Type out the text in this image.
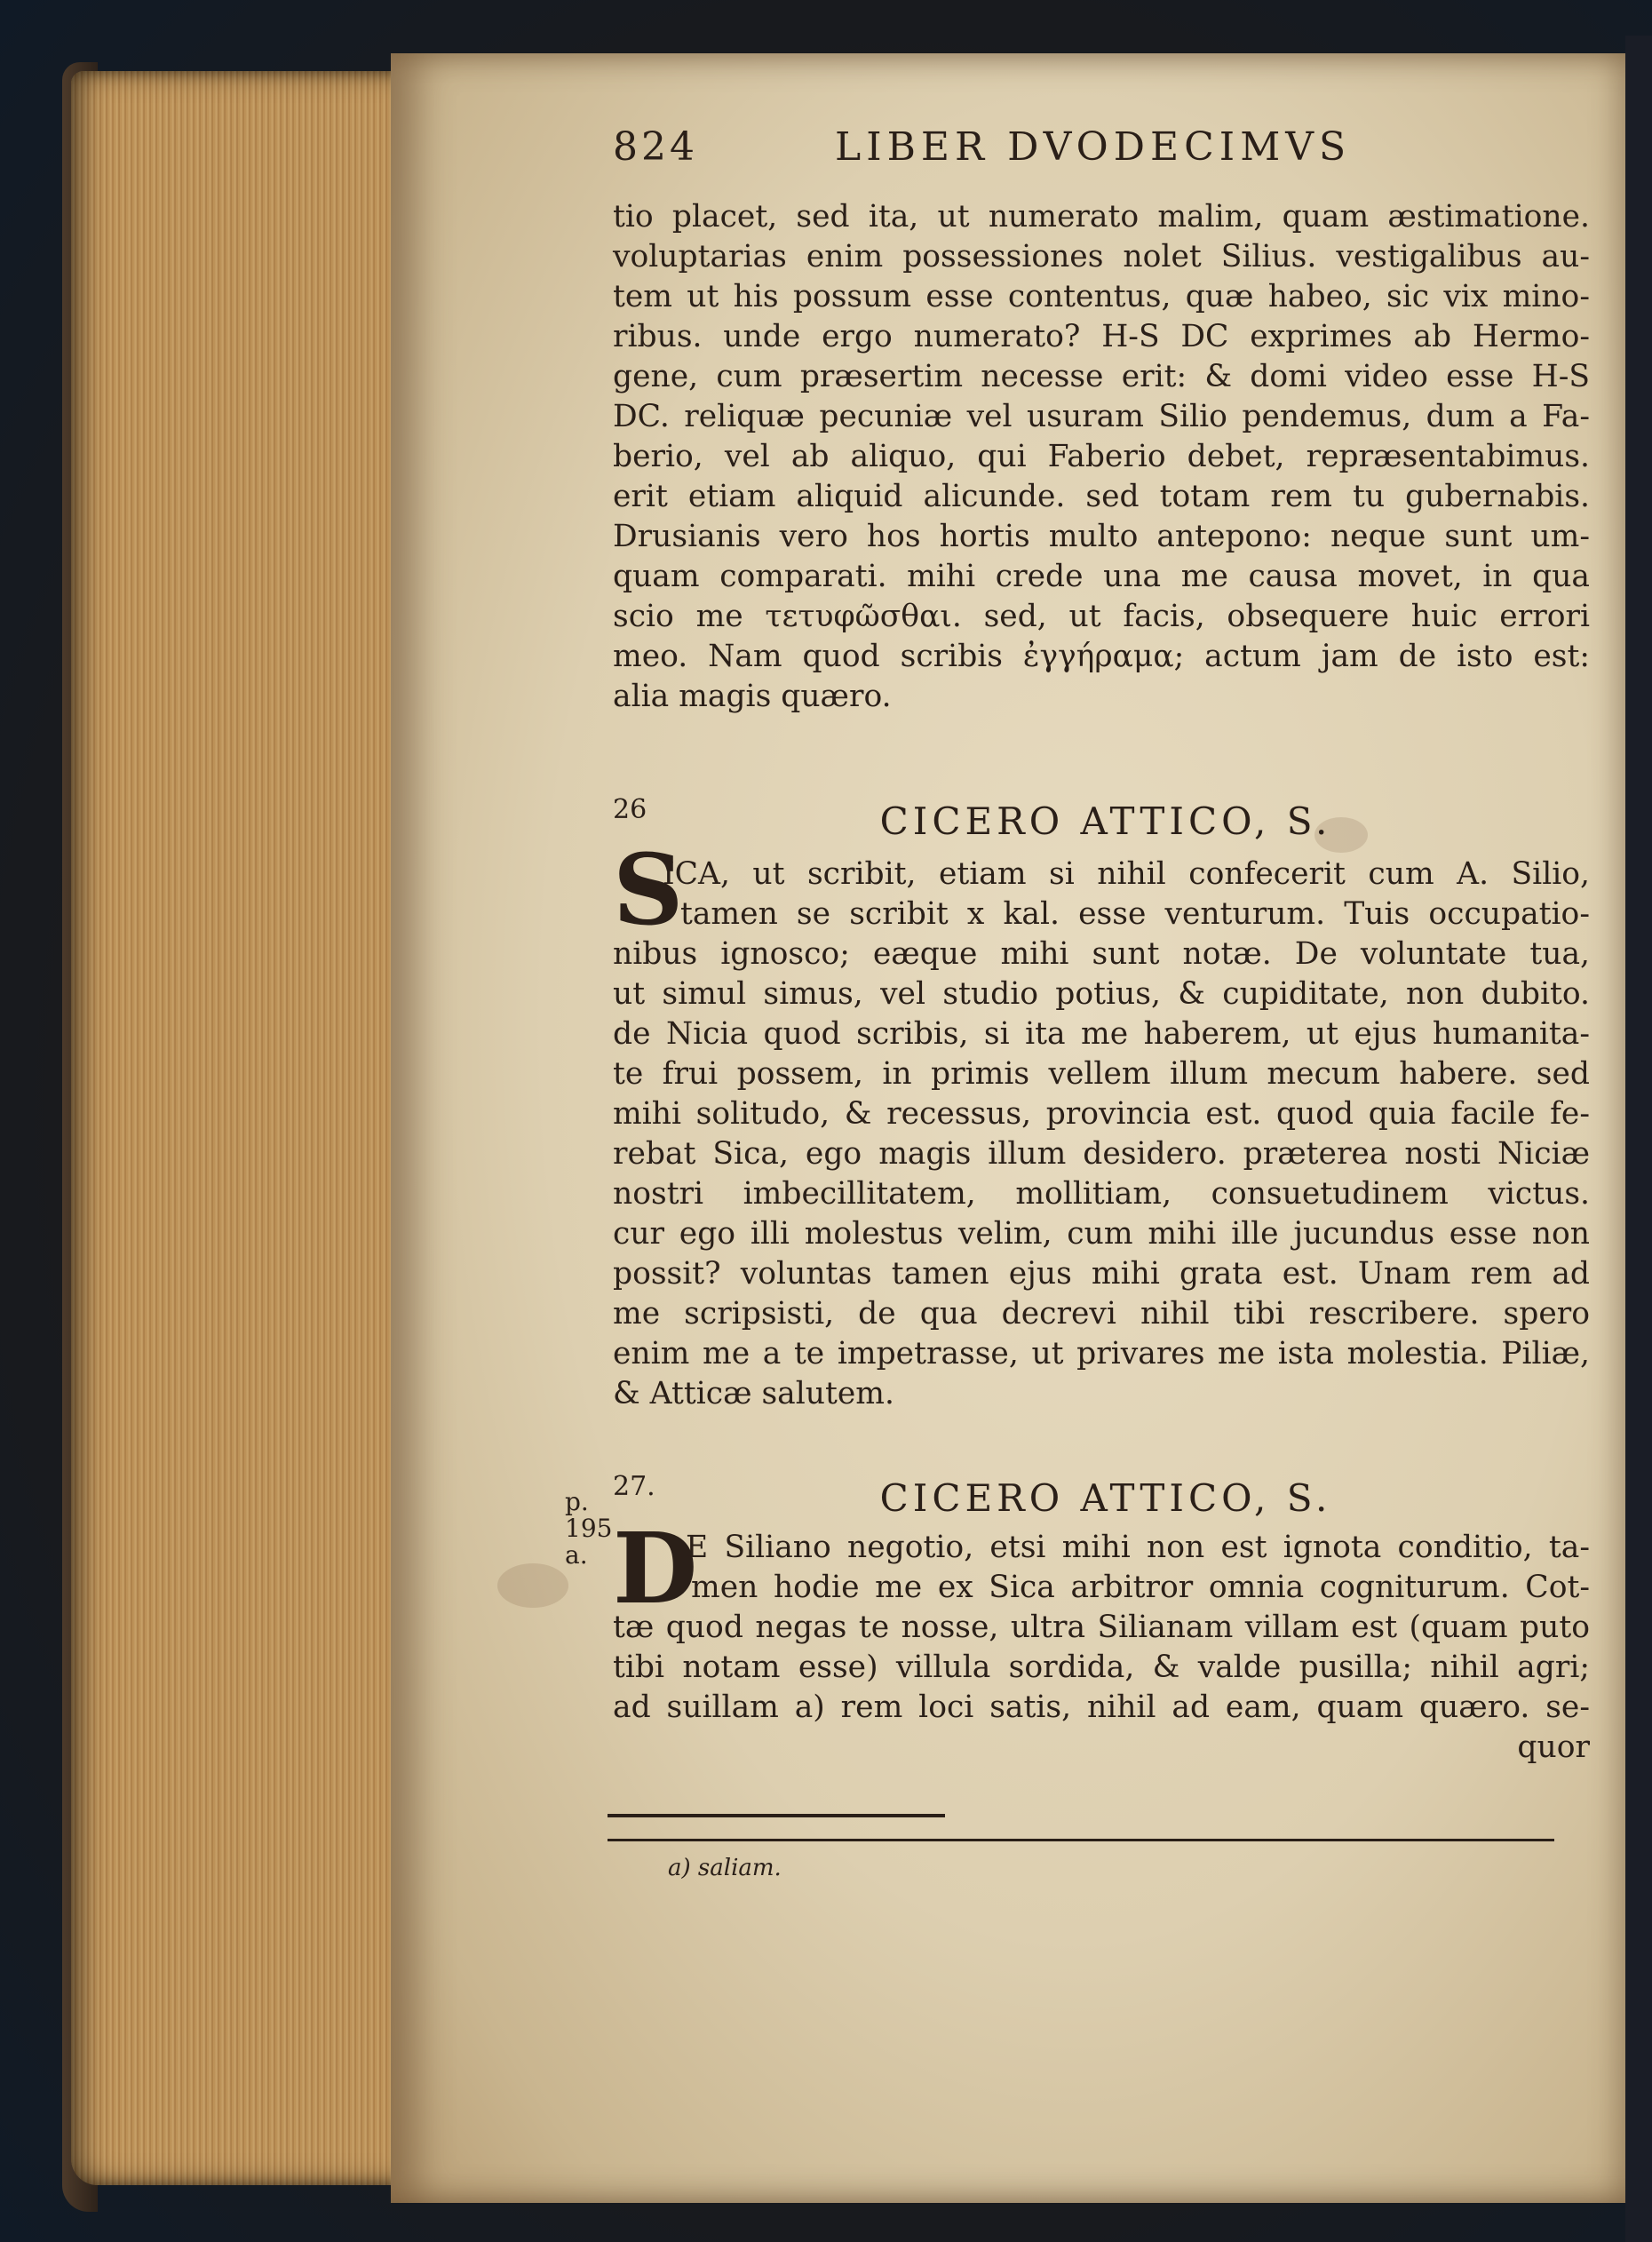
824	LIBER DVODECIMVS
tio placet, sed ita, ut numerato malim, quam æstimatione.
voluptarias enim possessiones nolet Silius. vestigalibus au-
tem ut his possum esse contentus, quæ habeo, sic vix mino-
ribus. unde ergo numerato? H-S DC exprimes ab Hermo-
gene, cum præsertim necesse erit: & domi video esse H-S
DC. reliquæ pecuniæ vel usuram Silio pendemus, dum a Fa-
berio, vel ab aliquo, qui Faberio debet, repræsentabimus.
erit etiam aliquid alicunde. sed totam rem tu gubernabis.
Drusianis vero hos hortis multo antepono: neque sunt um-
quam comparati. mihi crede una me causa movet, in qua
scio me τετυφῶσθαι. sed, ut facis, obsequere huic errori
meo. Nam quod scribis ἐγγήραμα; actum jam de isto est:
alia magis quæro.
26	CICERO ATTICO, S.
S
ICA, ut scribit, etiam si nihil confecerit cum A. Silio,
tamen se scribit x kal. esse venturum. Tuis occupatio-
nibus ignosco; eæque mihi sunt notæ. De voluntate tua,
ut simul simus, vel studio potius, & cupiditate, non dubito.
de Nicia quod scribis, si ita me haberem, ut ejus humanita-
te frui possem, in primis vellem illum mecum habere. sed
mihi solitudo, & recessus, provincia est. quod quia facile fe-
rebat Sica, ego magis illum desidero. præterea nosti Niciæ
nostri imbecillitatem, mollitiam, consuetudinem victus.
cur ego illi molestus velim, cum mihi ille jucundus esse non
possit? voluntas tamen ejus mihi grata est. Unam rem ad
me scripsisti, de qua decrevi nihil tibi rescribere. spero
enim me a te impetrasse, ut privares me ista molestia. Piliæ,
& Atticæ salutem.
27.	CICERO ATTICO, S.
p.
195
a. D
E Siliano negotio, etsi mihi non est ignota conditio, ta-
men hodie me ex Sica arbitror omnia cogniturum. Cot-
tæ quod negas te nosse, ultra Silianam villam est (quam puto
tibi notam esse) villula sordida, & valde pusilla; nihil agri;
ad suillam a) rem loci satis, nihil ad eam, quam quæro. se-
quor
a) saliam.
